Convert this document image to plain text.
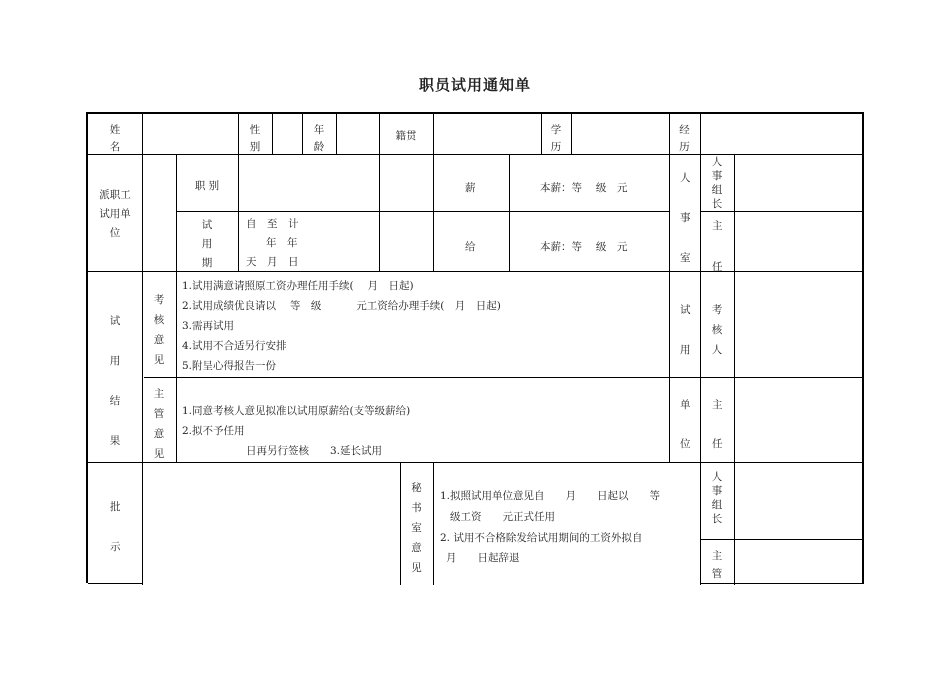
职员试用通知单
姓
名
性
别
年
龄
籍贯	学
历
经
历
派职工
试用单
位
职 别
试
用
期
自　至　计
年　年
天　月　日
薪
给
本薪：等　 级　元
本薪：等　 级　元
人
事
室
人
事
组
长
主
任
试
用
结
果
考
核
意
见
1.试用满意请照原工资办理任用手续(　 月　日起)
2.试用成绩优良请以　 等　级　　　 元工资给办理手续(　月　日起)
3.需再试用
4.试用不合适另行安排
5.附呈心得报告一份
主
管
意
见
1.同意考核人意见拟准以试用原薪给(支等级薪给)
2.拟不予任用
日再另行签核　　3.延长试用
试
用
单
位
考
核
人
主
任
批
示
秘
书
室
意
见
1.拟照试用单位意见自　　月　　日起以　　等
级工资　　元正式任用
2. 试用不合格除发给试用期间的工资外拟自
月　　日起辞退
人
事
组
长
主
管
